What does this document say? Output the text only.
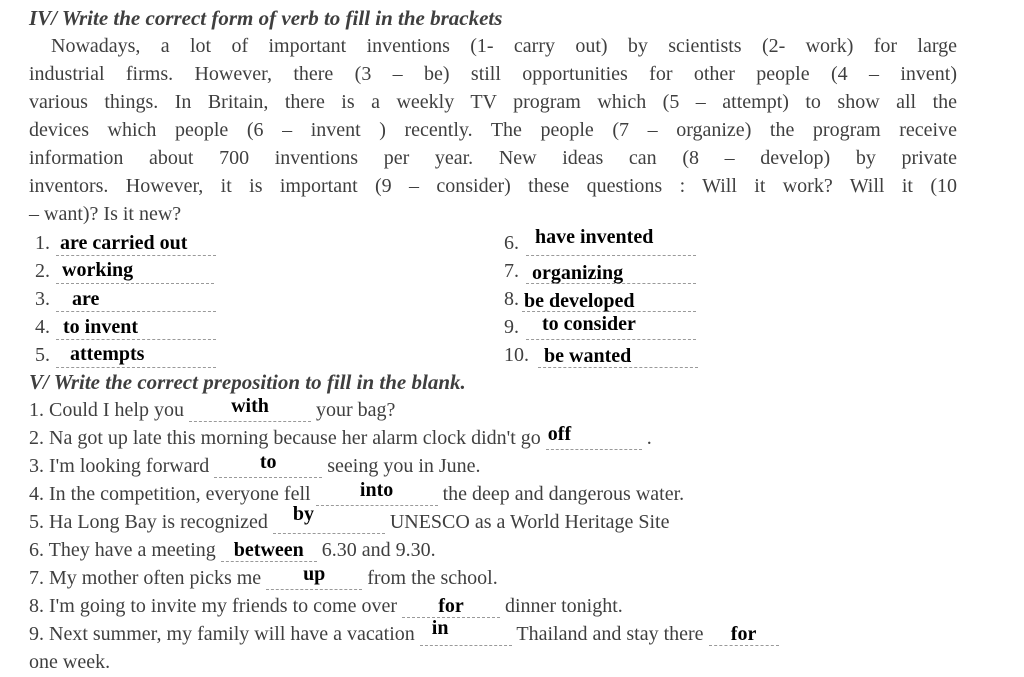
IV/ Write the correct form of verb to fill in the brackets
Nowadays, a lot of important inventions (1- carry out) by scientists (2- work) for large
industrial firms. However, there (3 – be) still opportunities for other people (4 – invent)
various things. In Britain, there is a weekly TV program which (5 – attempt) to show all the
devices which people (6 – invent ) recently. The people (7 – organize) the program receive
information about 700 inventions per year. New ideas can (8 – develop) by private
inventors. However, it is important (9 – consider) these questions : Will it work? Will it (10
– want)? Is it new?
1. are carried out
2. working
3. are
4. to invent
5. attempts
6. have invented
7. organizing
8. be developed
9. to consider
10. be wanted
V/ Write the correct preposition to fill in the blank.
1. Could I help you	with	your bag?
2. Na got up late this morning because her alarm clock didn't go off	.
3. I'm looking forward	to	seeing you in June.
4. In the competition, everyone fell	into	the deep and dangerous water.
5. Ha Long Bay is recognized by	UNESCO as a World Heritage Site
6. They have a meeting between 6.30 and 9.30.
7. My mother often picks me	up	from the school.
8. I'm going to invite my friends to come over	for	dinner tonight.
9. Next summer, my family will have a vacation in	Thailand and stay there	for
one week.
